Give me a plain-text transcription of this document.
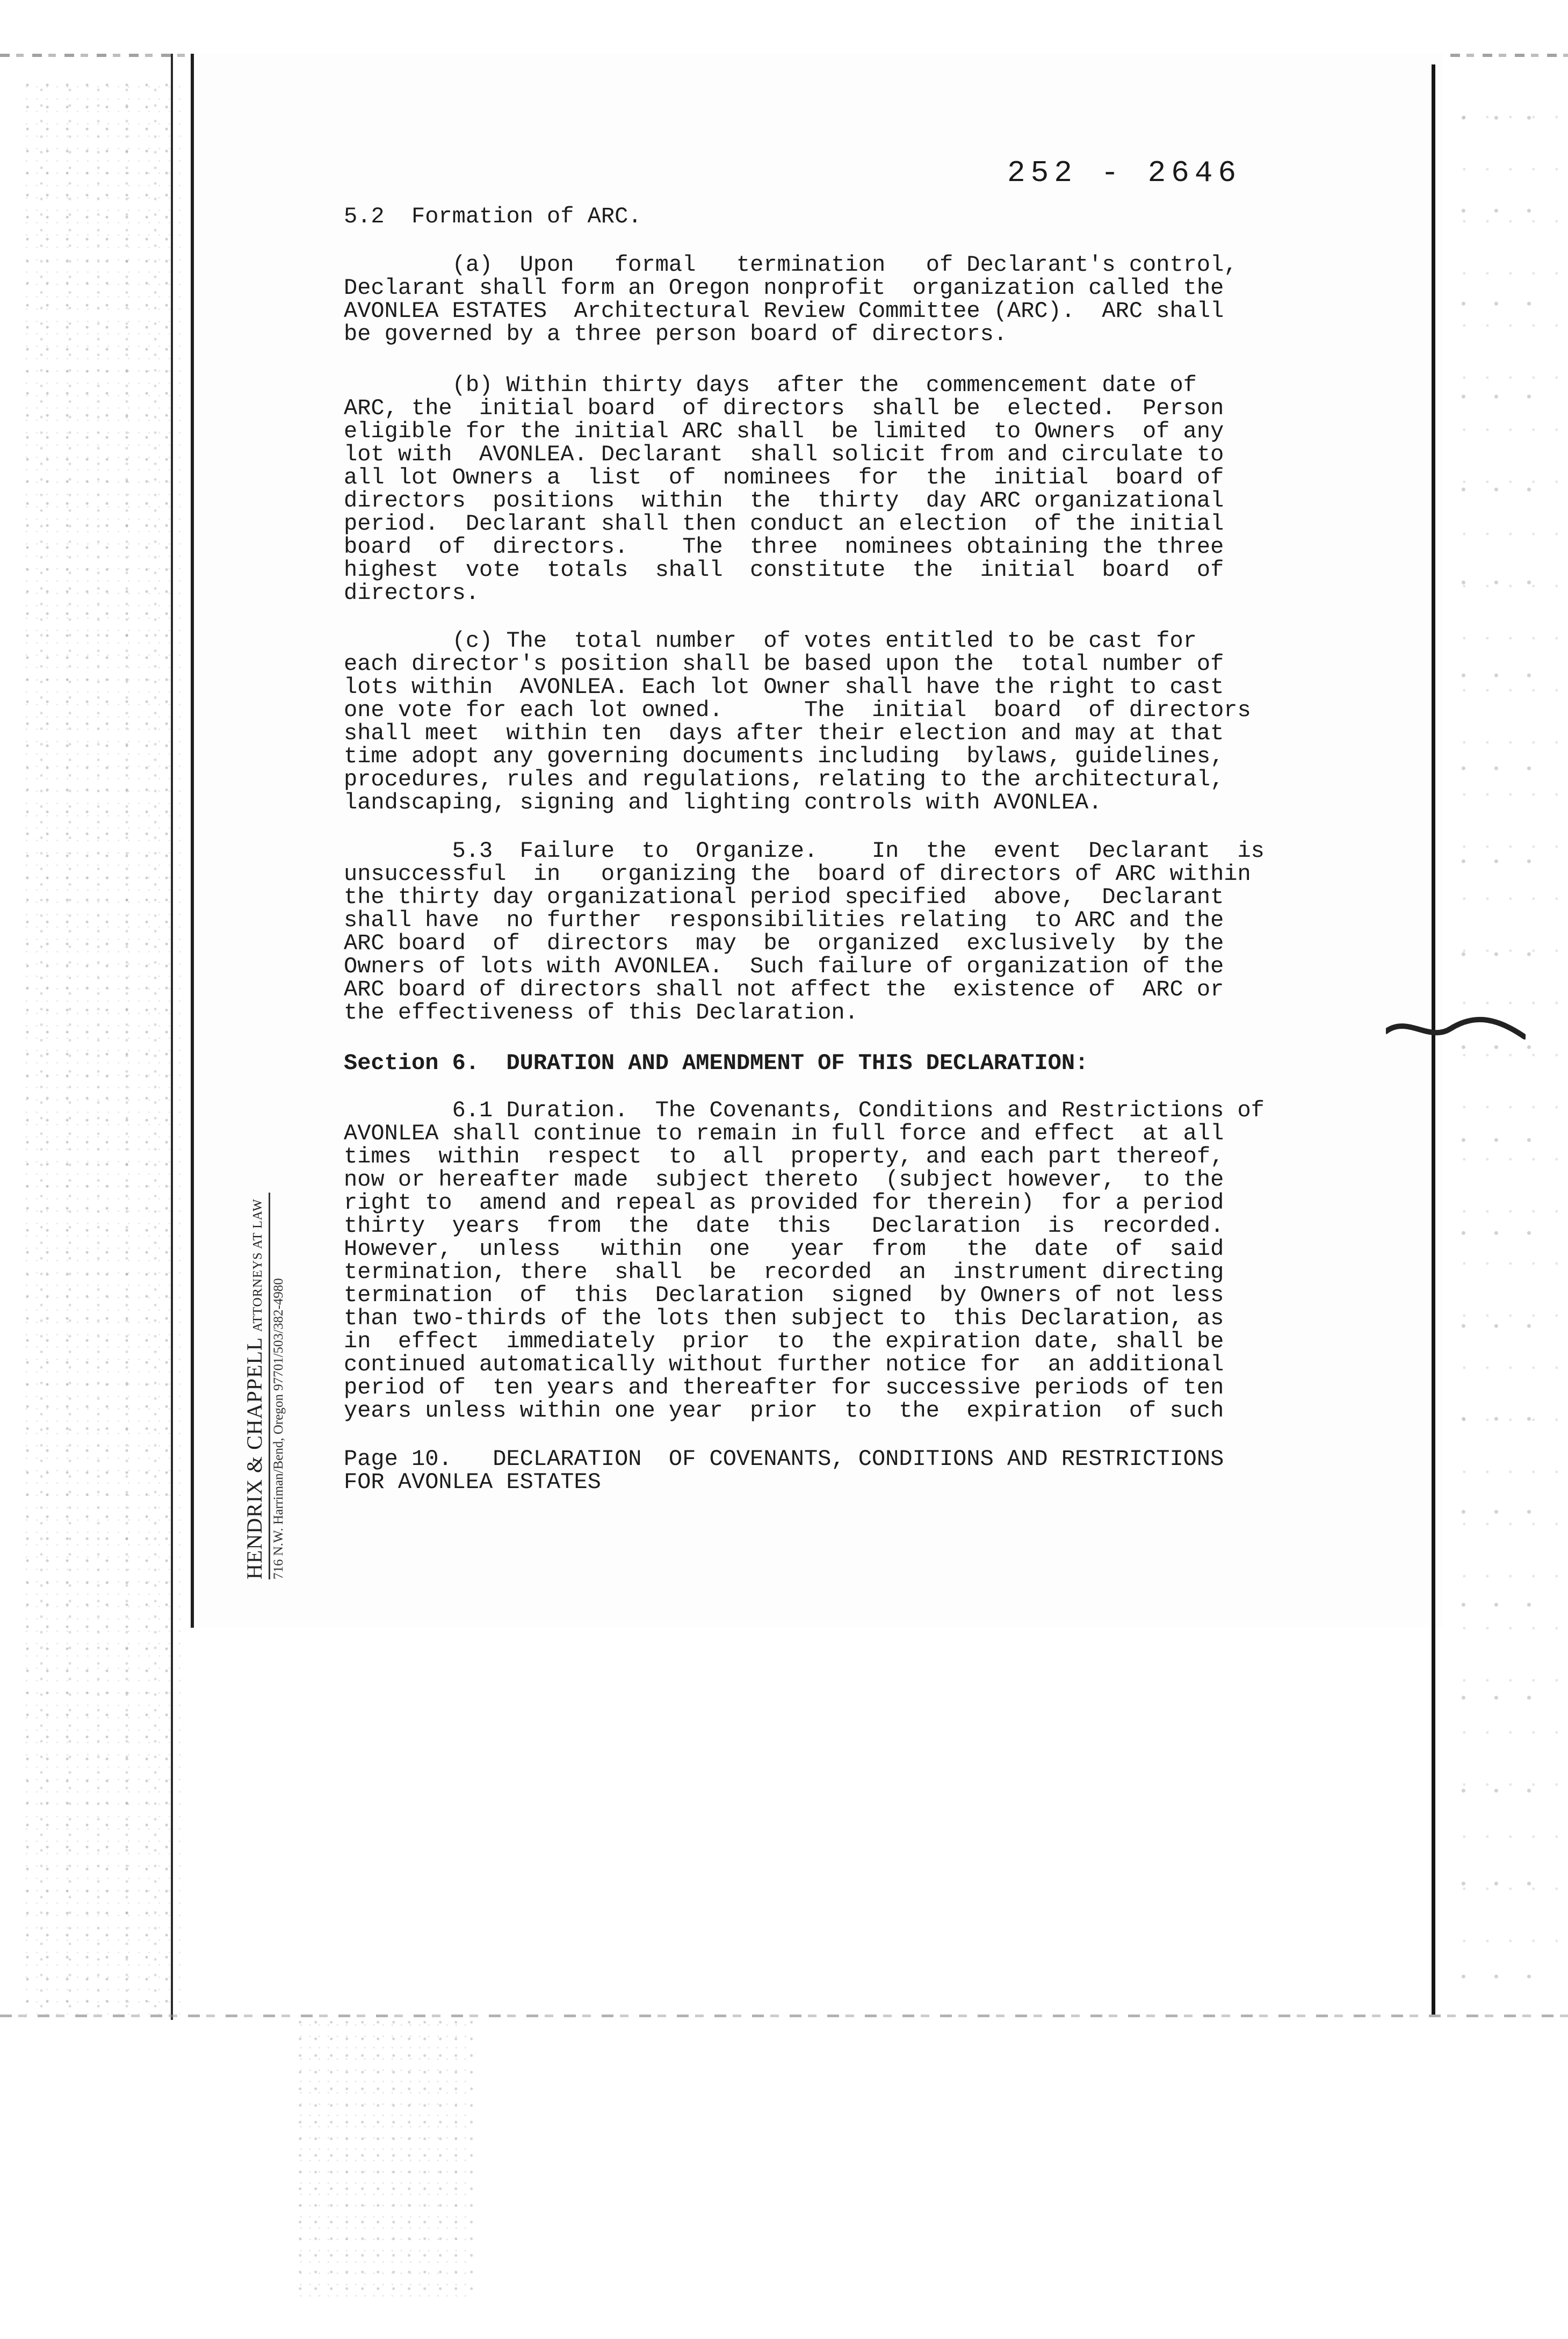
252 - 2646
5.2  Formation of ARC.
(a)  Upon   formal   termination   of Declarant's control,
Declarant shall form an Oregon nonprofit  organization called the
AVONLEA ESTATES  Architectural Review Committee (ARC).  ARC shall
be governed by a three person board of directors.
(b) Within thirty days  after the  commencement date of
ARC, the  initial board  of directors  shall be  elected.  Person
eligible for the initial ARC shall  be limited  to Owners  of any
lot with  AVONLEA. Declarant  shall solicit from and circulate to
all lot Owners a  list  of  nominees  for  the  initial  board of
directors  positions  within  the  thirty  day ARC organizational
period.  Declarant shall then conduct an election  of the initial
board  of  directors.    The  three  nominees obtaining the three
highest  vote  totals  shall  constitute  the  initial  board  of
directors.
(c) The  total number  of votes entitled to be cast for
each director's position shall be based upon the  total number of
lots within  AVONLEA. Each lot Owner shall have the right to cast
one vote for each lot owned.      The  initial  board  of directors
shall meet  within ten  days after their election and may at that
time adopt any governing documents including  bylaws, guidelines,
procedures, rules and regulations, relating to the architectural,
landscaping, signing and lighting controls with AVONLEA.
5.3  Failure  to  Organize.    In  the  event  Declarant  is
unsuccessful  in   organizing the  board of directors of ARC within
the thirty day organizational period specified  above,  Declarant
shall have  no further  responsibilities relating  to ARC and the
ARC board  of  directors  may  be  organized  exclusively  by the
Owners of lots with AVONLEA.  Such failure of organization of the
ARC board of directors shall not affect the  existence of  ARC or
the effectiveness of this Declaration.
Section 6.  DURATION AND AMENDMENT OF THIS DECLARATION:
6.1 Duration.  The Covenants, Conditions and Restrictions of
AVONLEA shall continue to remain in full force and effect  at all
times  within  respect  to  all  property, and each part thereof,
now or hereafter made  subject thereto  (subject however,  to the
right to  amend and repeal as provided for therein)  for a period
thirty  years  from  the  date  this   Declaration  is  recorded.
However,  unless   within  one   year  from   the  date  of  said
termination, there  shall  be  recorded  an  instrument directing
termination  of  this  Declaration  signed  by Owners of not less
than two-thirds of the lots then subject to  this Declaration, as
in  effect  immediately  prior  to  the expiration date, shall be
continued automatically without further notice for  an additional
period of  ten years and thereafter for successive periods of ten
years unless within one year  prior  to  the  expiration  of such
Page 10.   DECLARATION  OF COVENANTS, CONDITIONS AND RESTRICTIONS
FOR AVONLEA ESTATES
HENDRIX & CHAPPELL ATTORNEYS AT LAW
716 N.W. Harriman/Bend, Oregon 97701/503/382-4980
